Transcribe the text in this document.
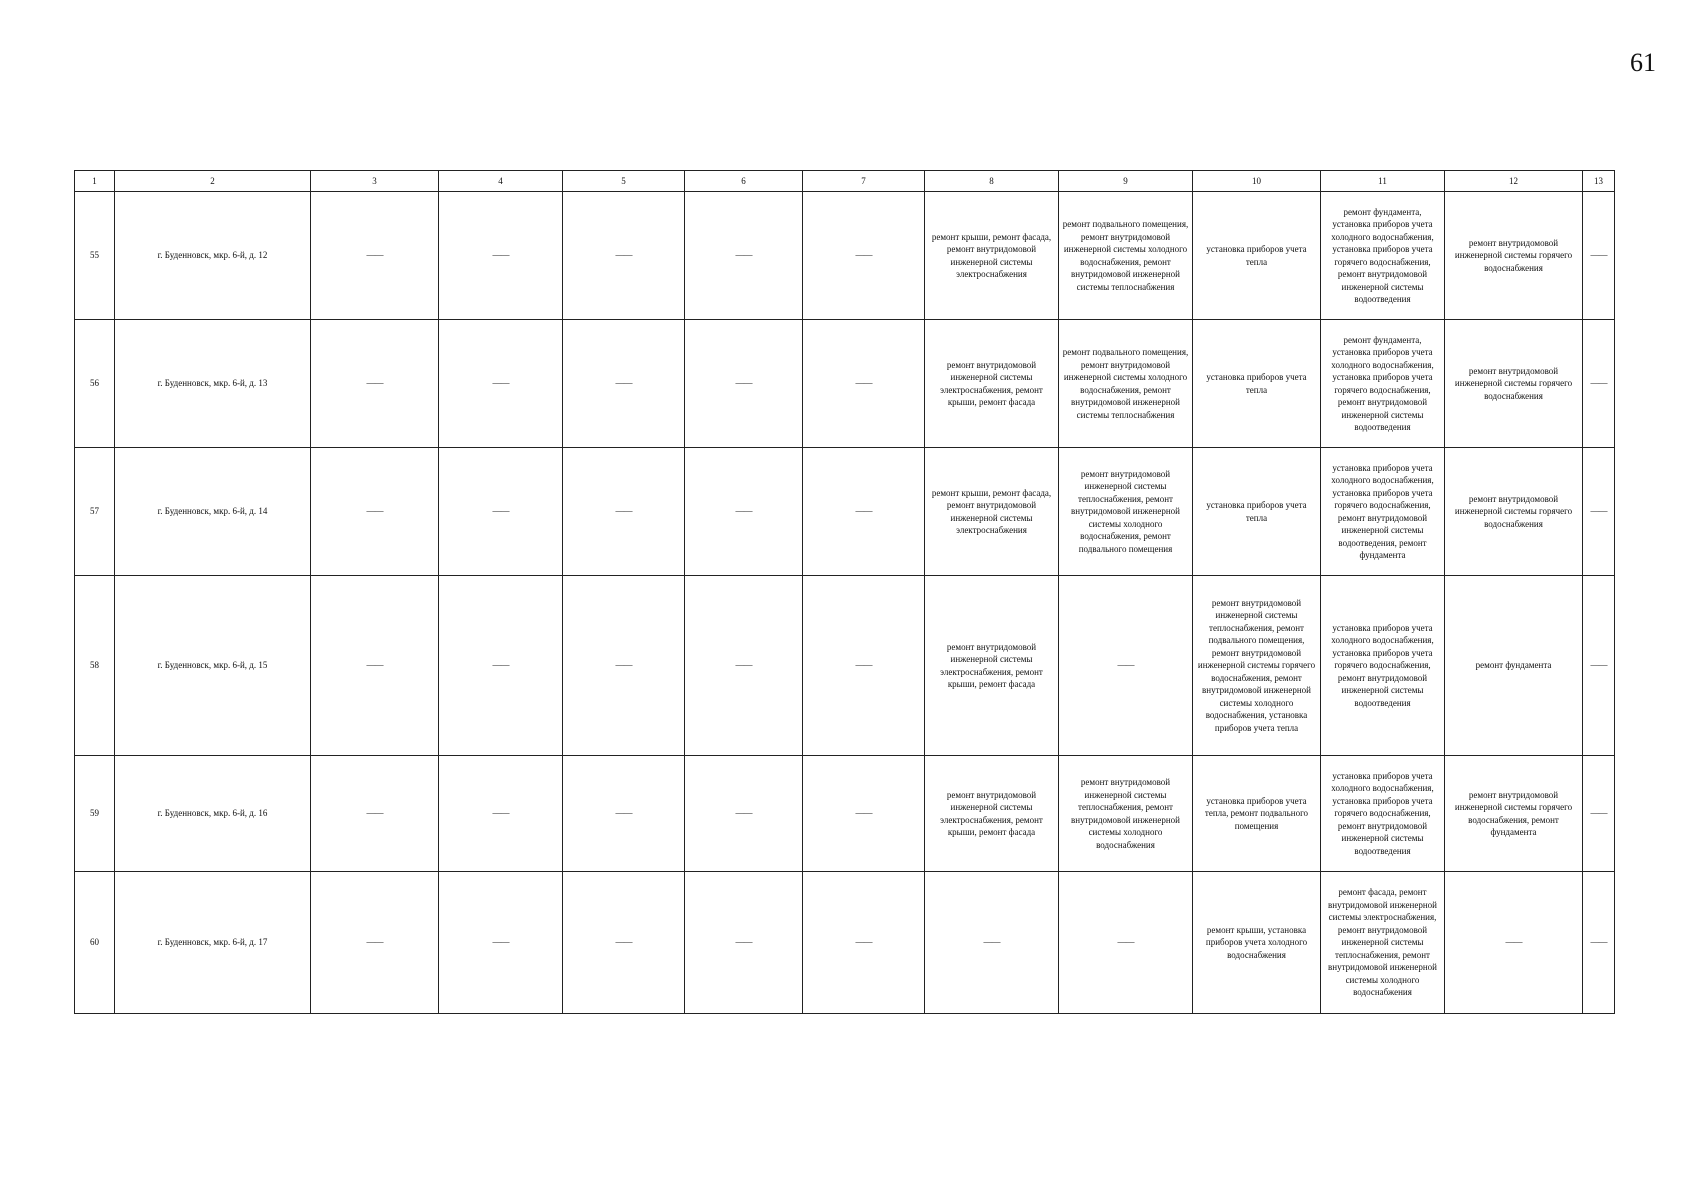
61
1	2	3	4	5	6	7	8	9	10	11	12	13
55	г. Буденновск, мкр. 6-й, д. 12	——	——	——	——	——	ремонт крыши, ремонт фасада, ремонт внутридомовой инженерной системы электроснабжения	ремонт подвального помещения, ремонт внутридомовой инженерной системы холодного водоснабжения, ремонт внутридомовой инженерной системы теплоснабжения	установка приборов учета тепла	ремонт фундамента, установка приборов учета холодного водоснабжения, установка приборов учета горячего водоснабжения, ремонт внутридомовой инженерной системы водоотведения	ремонт внутридомовой инженерной системы горячего водоснабжения	——
56	г. Буденновск, мкр. 6-й, д. 13	——	——	——	——	——	ремонт внутридомовой инженерной системы электроснабжения, ремонт крыши, ремонт фасада	ремонт подвального помещения, ремонт внутридомовой инженерной системы холодного водоснабжения, ремонт внутридомовой инженерной системы теплоснабжения	установка приборов учета тепла	ремонт фундамента, установка приборов учета холодного водоснабжения, установка приборов учета горячего водоснабжения, ремонт внутридомовой инженерной системы водоотведения	ремонт внутридомовой инженерной системы горячего водоснабжения	——
57	г. Буденновск, мкр. 6-й, д. 14	——	——	——	——	——	ремонт крыши, ремонт фасада, ремонт внутридомовой инженерной системы электроснабжения	ремонт внутридомовой инженерной системы теплоснабжения, ремонт внутридомовой инженерной системы холодного водоснабжения, ремонт подвального помещения	установка приборов учета тепла	установка приборов учета холодного водоснабжения, установка приборов учета горячего водоснабжения, ремонт внутридомовой инженерной системы водоотведения, ремонт фундамента	ремонт внутридомовой инженерной системы горячего водоснабжения	——
58	г. Буденновск, мкр. 6-й, д. 15	——	——	——	——	——	ремонт внутридомовой инженерной системы электроснабжения, ремонт крыши, ремонт фасада	——	ремонт внутридомовой инженерной системы теплоснабжения, ремонт подвального помещения, ремонт внутридомовой инженерной системы горячего водоснабжения, ремонт внутридомовой инженерной системы холодного водоснабжения, установка приборов учета тепла	установка приборов учета холодного водоснабжения, установка приборов учета горячего водоснабжения, ремонт внутридомовой инженерной системы водоотведения	ремонт фундамента	——
59	г. Буденновск, мкр. 6-й, д. 16	——	——	——	——	——	ремонт внутридомовой инженерной системы электроснабжения, ремонт крыши, ремонт фасада	ремонт внутридомовой инженерной системы теплоснабжения, ремонт внутридомовой инженерной системы холодного водоснабжения	установка приборов учета тепла, ремонт подвального помещения	установка приборов учета холодного водоснабжения, установка приборов учета горячего водоснабжения, ремонт внутридомовой инженерной системы водоотведения	ремонт внутридомовой инженерной системы горячего водоснабжения, ремонт фундамента	——
60	г. Буденновск, мкр. 6-й, д. 17	——	——	——	——	——	——	——	ремонт крыши, установка приборов учета холодного водоснабжения	ремонт фасада, ремонт внутридомовой инженерной системы электроснабжения, ремонт внутридомовой инженерной системы теплоснабжения, ремонт внутридомовой инженерной системы холодного водоснабжения	——	——
